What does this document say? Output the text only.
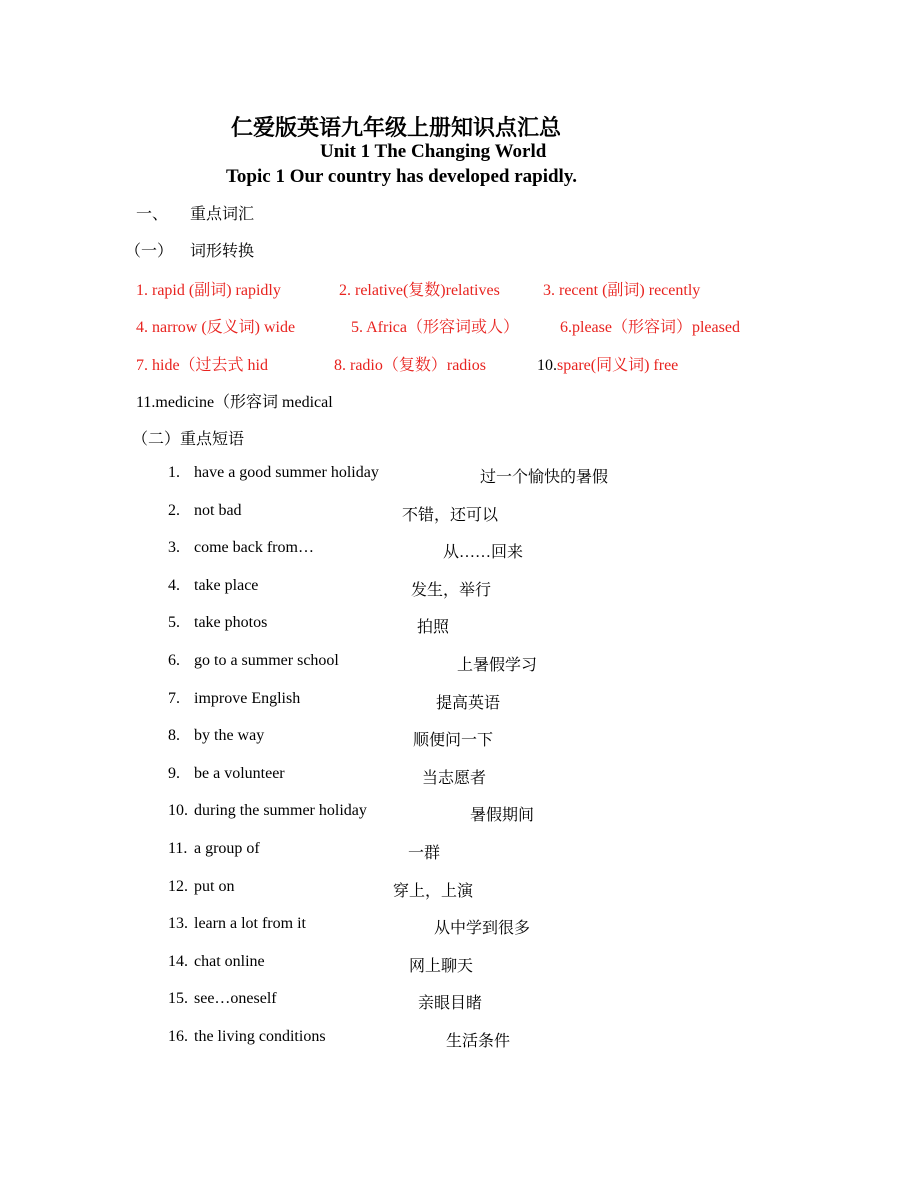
仁爱版英语九年级上册知识点汇总
Unit 1 The Changing World
Topic 1 Our country has developed rapidly.
一、 重点词汇
（一） 词形转换
1. rapid (副词) rapidly	2. relative(复数)relatives	3. recent (副词) recently
4. narrow (反义词) wide	5. Africa（形容词或人）	6.please（形容词）pleased
7. hide（过去式 hid	8. radio（复数）radios	10.spare(同义词) free
11.medicine（形容词 medical
（二）重点短语
1. have a good summer holiday	过一个愉快的暑假
2. not bad	不错，还可以
3. come back from…	从……回来
4. take place	发生，举行
5. take photos	拍照
6. go to a summer school	上暑假学习
7. improve English	提高英语
8. by the way	顺便问一下
9. be a volunteer	当志愿者
10. during the summer holiday	暑假期间
11. a group of	一群
12. put on	穿上，上演
13. learn a lot from it	从中学到很多
14. chat online	网上聊天
15. see…oneself	亲眼目睹
16. the living conditions	生活条件
